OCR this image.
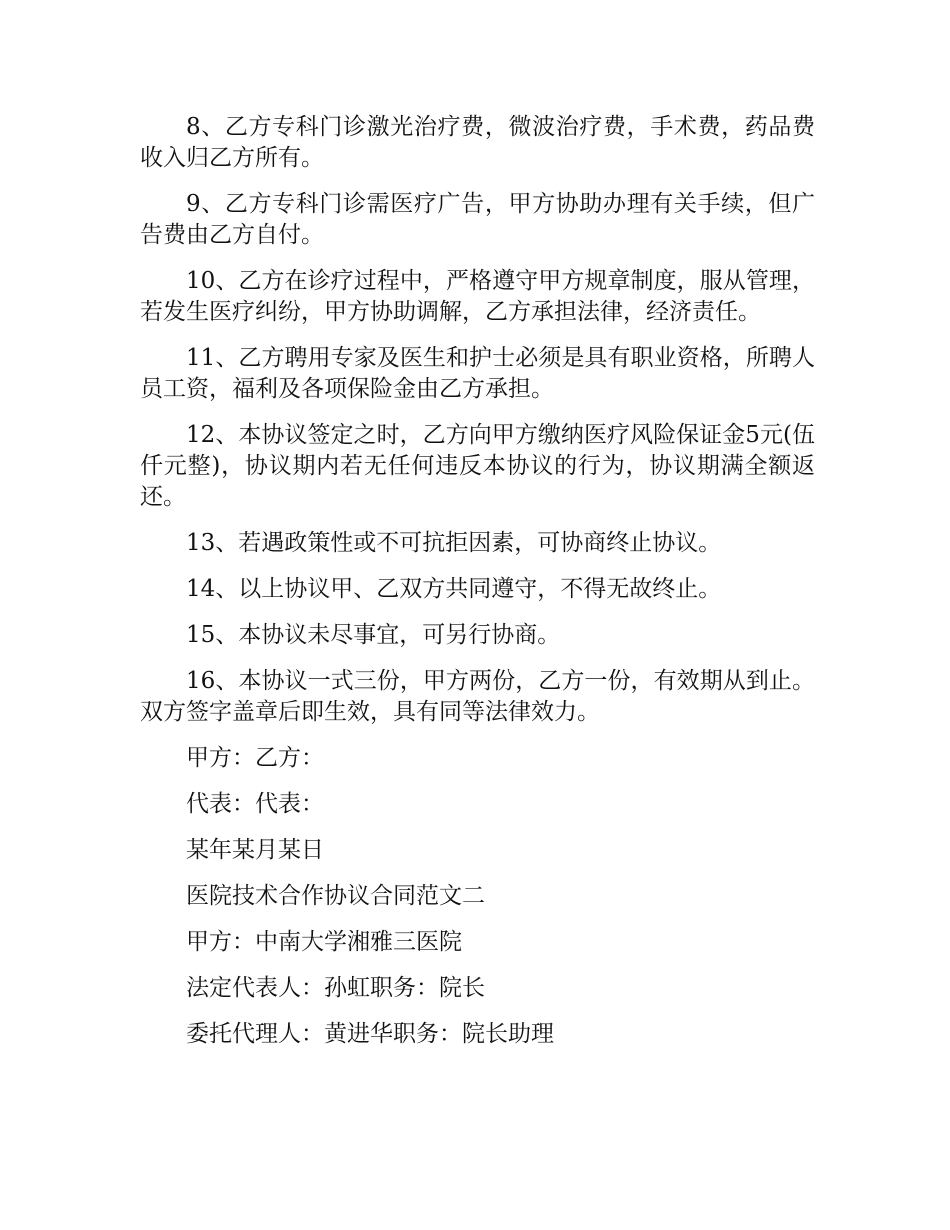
8、乙方专科门诊激光治疗费，微波治疗费，手术费，药品费收入归乙方所有。

9、乙方专科门诊需医疗广告，甲方协助办理有关手续，但广告费由乙方自付。

10、乙方在诊疗过程中，严格遵守甲方规章制度，服从管理，若发生医疗纠纷，甲方协助调解，乙方承担法律，经济责任。

11、乙方聘用专家及医生和护士必须是具有职业资格，所聘人员工资，福利及各项保险金由乙方承担。

12、本协议签定之时，乙方向甲方缴纳医疗风险保证金5元(伍仟元整)，协议期内若无任何违反本协议的行为，协议期满全额返还。

13、若遇政策性或不可抗拒因素，可协商终止协议。

14、以上协议甲、乙双方共同遵守，不得无故终止。

15、本协议未尽事宜，可另行协商。

16、本协议一式三份，甲方两份，乙方一份，有效期从到止。双方签字盖章后即生效，具有同等法律效力。

甲方：乙方：

代表：代表：

某年某月某日

医院技术合作协议合同范文二

甲方：中南大学湘雅三医院

法定代表人：孙虹职务：院长

委托代理人：黄进华职务：院长助理
